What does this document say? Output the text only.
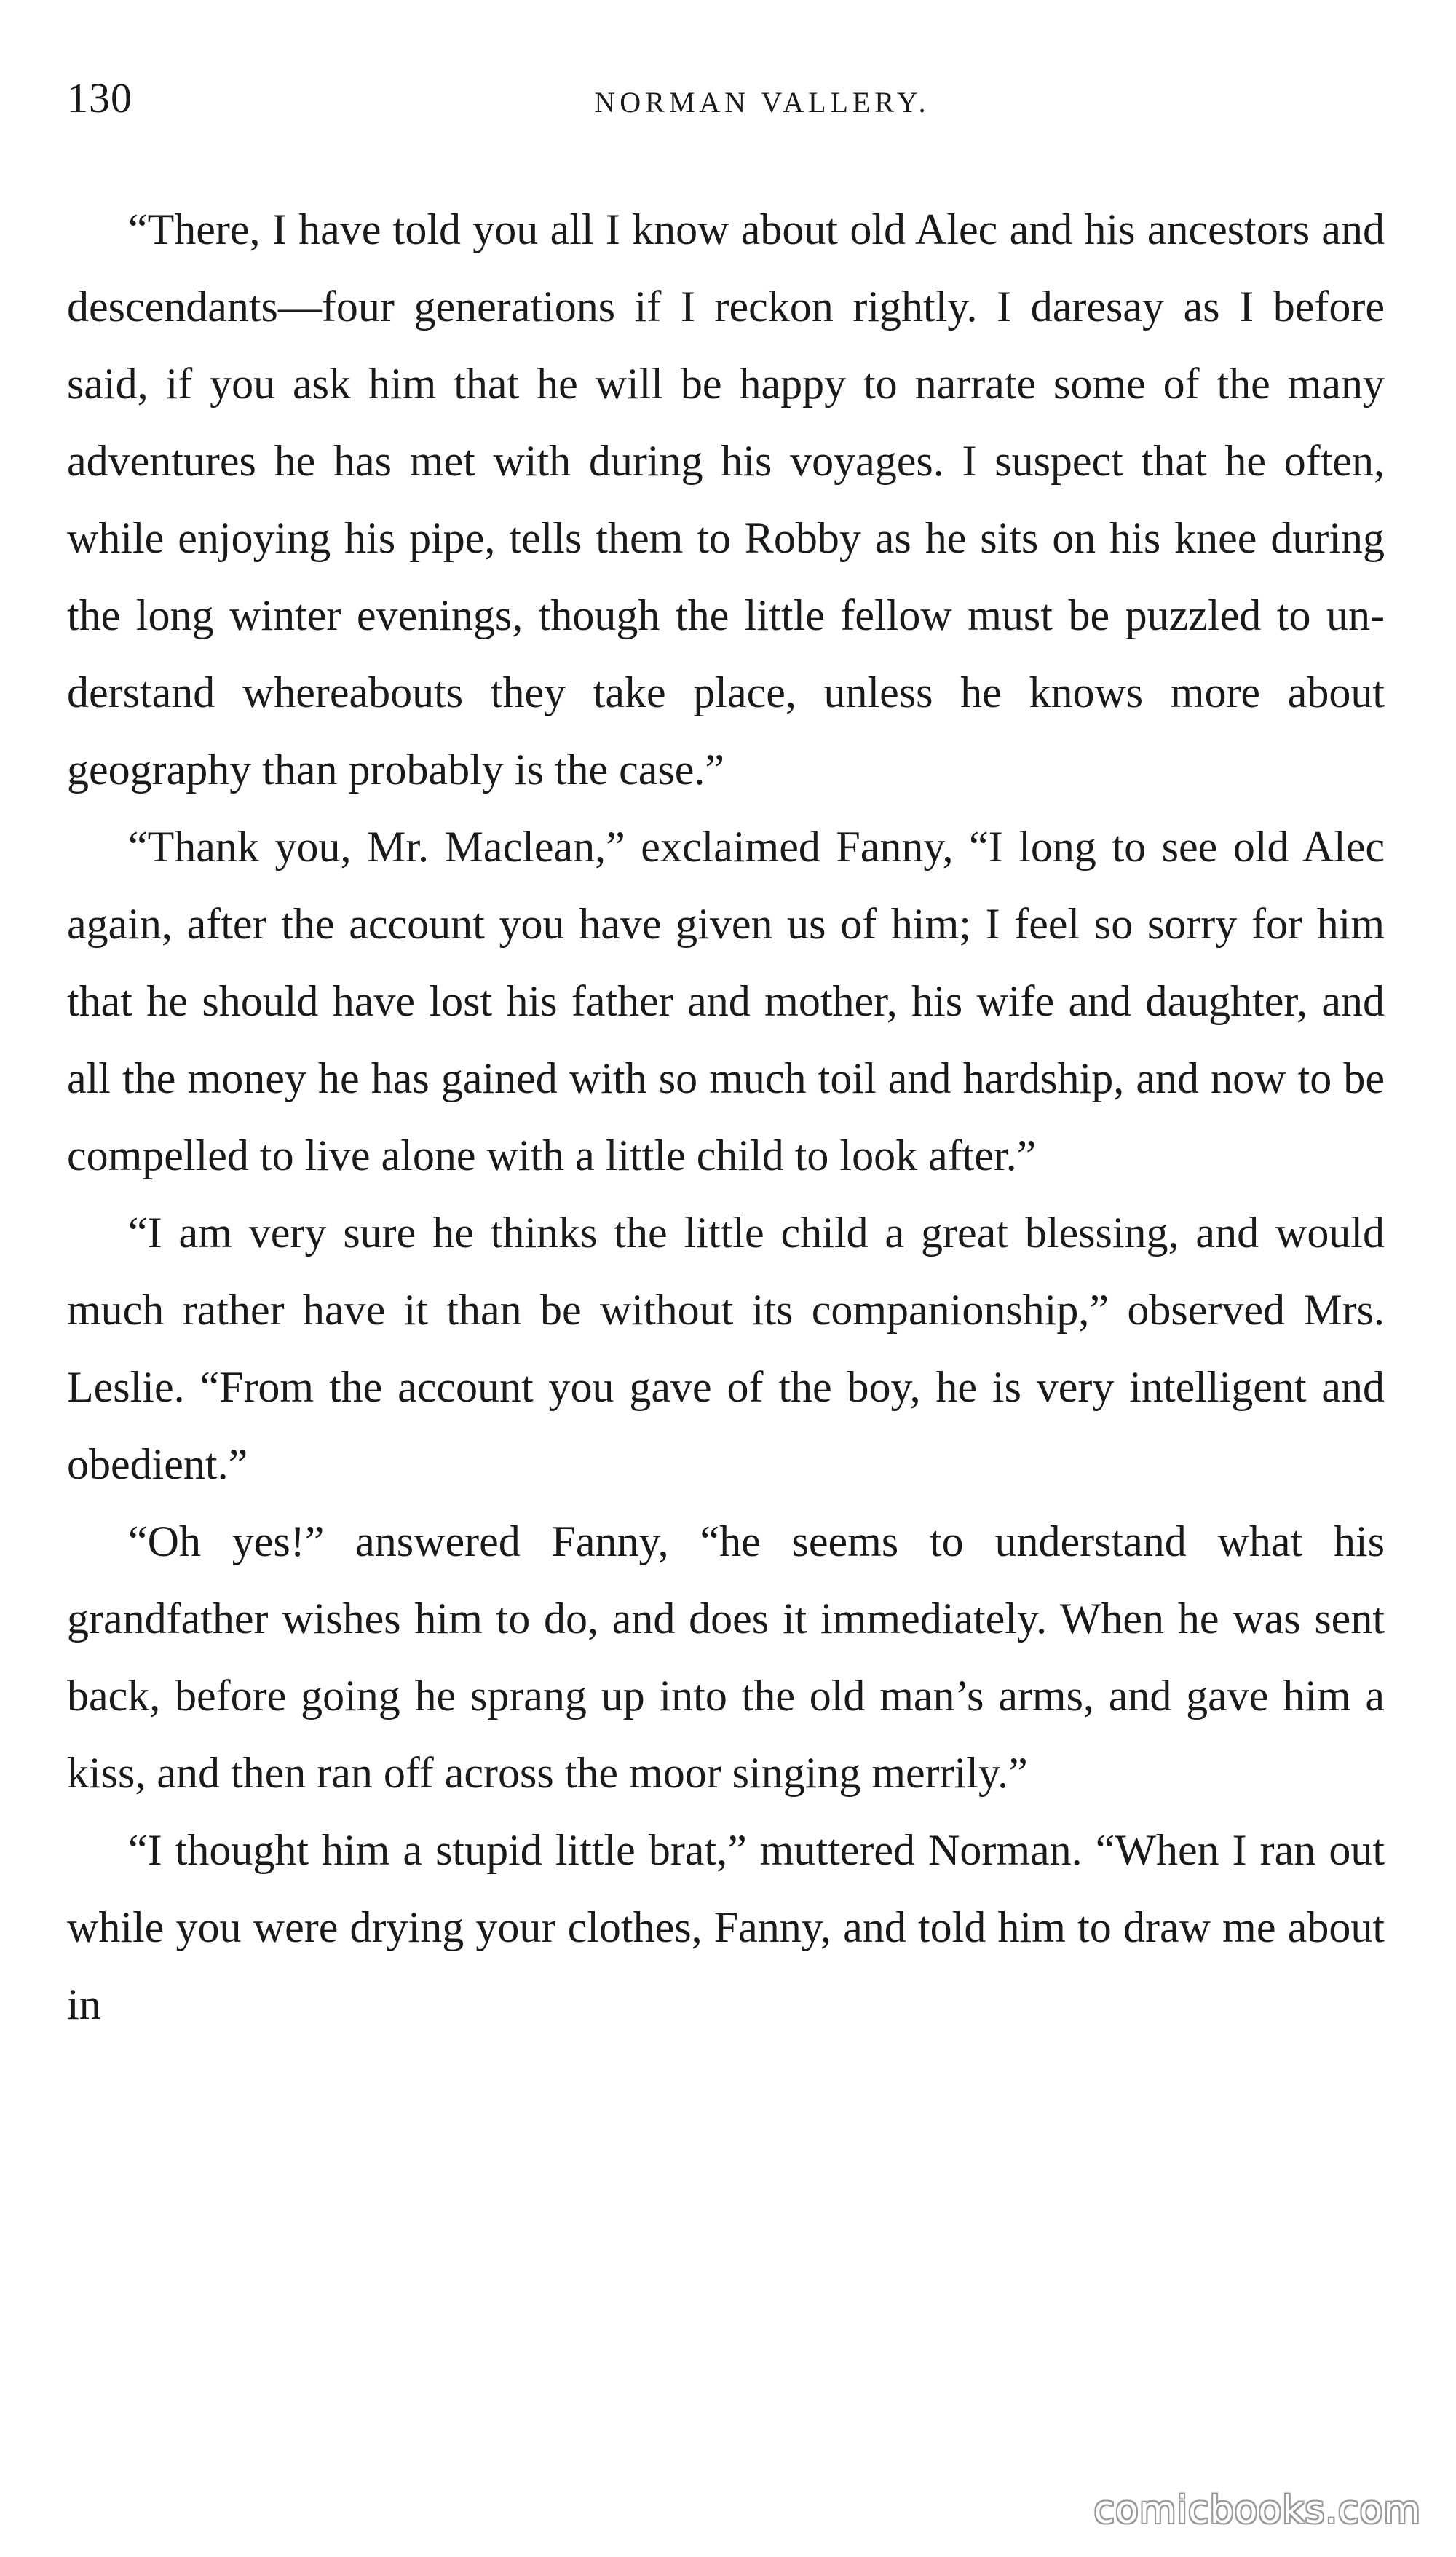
130	NORMAN VALLERY.

“There, I have told you all I know about old Alec and his ancestors and descendants—four generations if I reckon rightly. I daresay as I before said, if you ask him that he will be happy to narrate some of the many adventures he has met with during his voyages. I suspect that he often, while enjoying his pipe, tells them to Robby as he sits on his knee during the long winter evenings, though the little fellow must be puzzled to understand whereabouts they take place, unless he knows more about geography than probably is the case.”

“Thank you, Mr. Maclean,” exclaimed Fanny, “I long to see old Alec again, after the account you have given us of him; I feel so sorry for him that he should have lost his father and mother, his wife and daughter, and all the money he has gained with so much toil and hardship, and now to be compelled to live alone with a little child to look after.”

“I am very sure he thinks the little child a great blessing, and would much rather have it than be without its companionship,” observed Mrs. Leslie. “From the account you gave of the boy, he is very intelligent and obedient.”

“Oh yes!” answered Fanny, “he seems to understand what his grandfather wishes him to do, and does it immediately. When he was sent back, before going he sprang up into the old man’s arms, and gave him a kiss, and then ran off across the moor singing merrily.”

“I thought him a stupid little brat,” muttered Norman. “When I ran out while you were drying your clothes, Fanny, and told him to draw me about in

comicbooks.com
